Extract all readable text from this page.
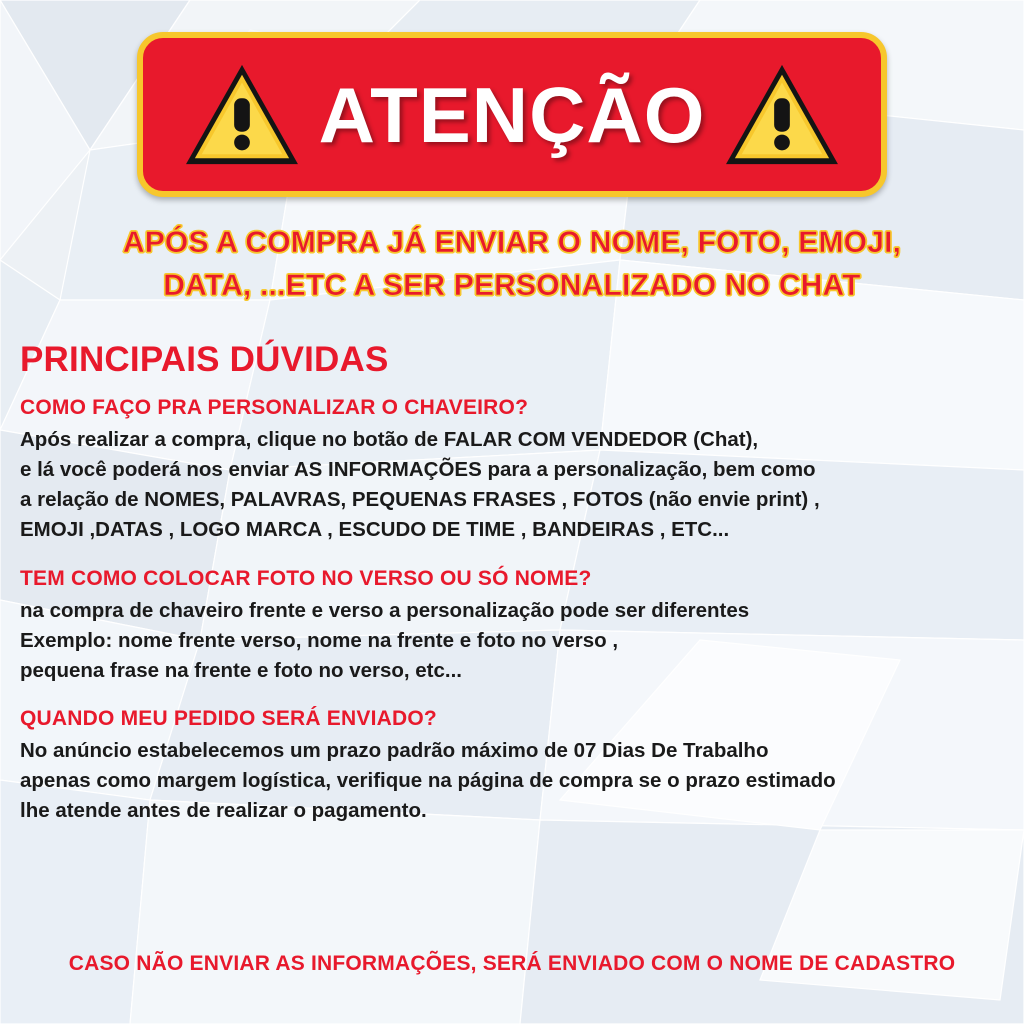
ATENÇÃO
APÓS A COMPRA JÁ ENVIAR O NOME, FOTO, EMOJI,
DATA, ...ETC A SER PERSONALIZADO NO CHAT
PRINCIPAIS DÚVIDAS
COMO FAÇO PRA PERSONALIZAR O CHAVEIRO?
Após realizar a compra, clique no botão de FALAR COM VENDEDOR (Chat),
e lá você poderá nos enviar AS INFORMAÇÕES para a personalização, bem como
a relação de NOMES, PALAVRAS, PEQUENAS FRASES , FOTOS (não envie print) ,
EMOJI ,DATAS , LOGO MARCA , ESCUDO DE TIME , BANDEIRAS , ETC...
TEM COMO COLOCAR FOTO NO VERSO OU SÓ NOME?
na compra de chaveiro frente e verso a personalização pode ser diferentes
Exemplo: nome frente verso, nome na frente e foto no verso ,
pequena frase na frente e foto no verso, etc...
QUANDO MEU PEDIDO SERÁ ENVIADO?
No anúncio estabelecemos um prazo padrão máximo de 07 Dias De Trabalho
apenas como margem logística, verifique na página de compra se o prazo estimado
lhe atende antes de realizar o pagamento.
CASO NÃO ENVIAR AS INFORMAÇÕES, SERÁ ENVIADO COM O NOME DE CADASTRO
